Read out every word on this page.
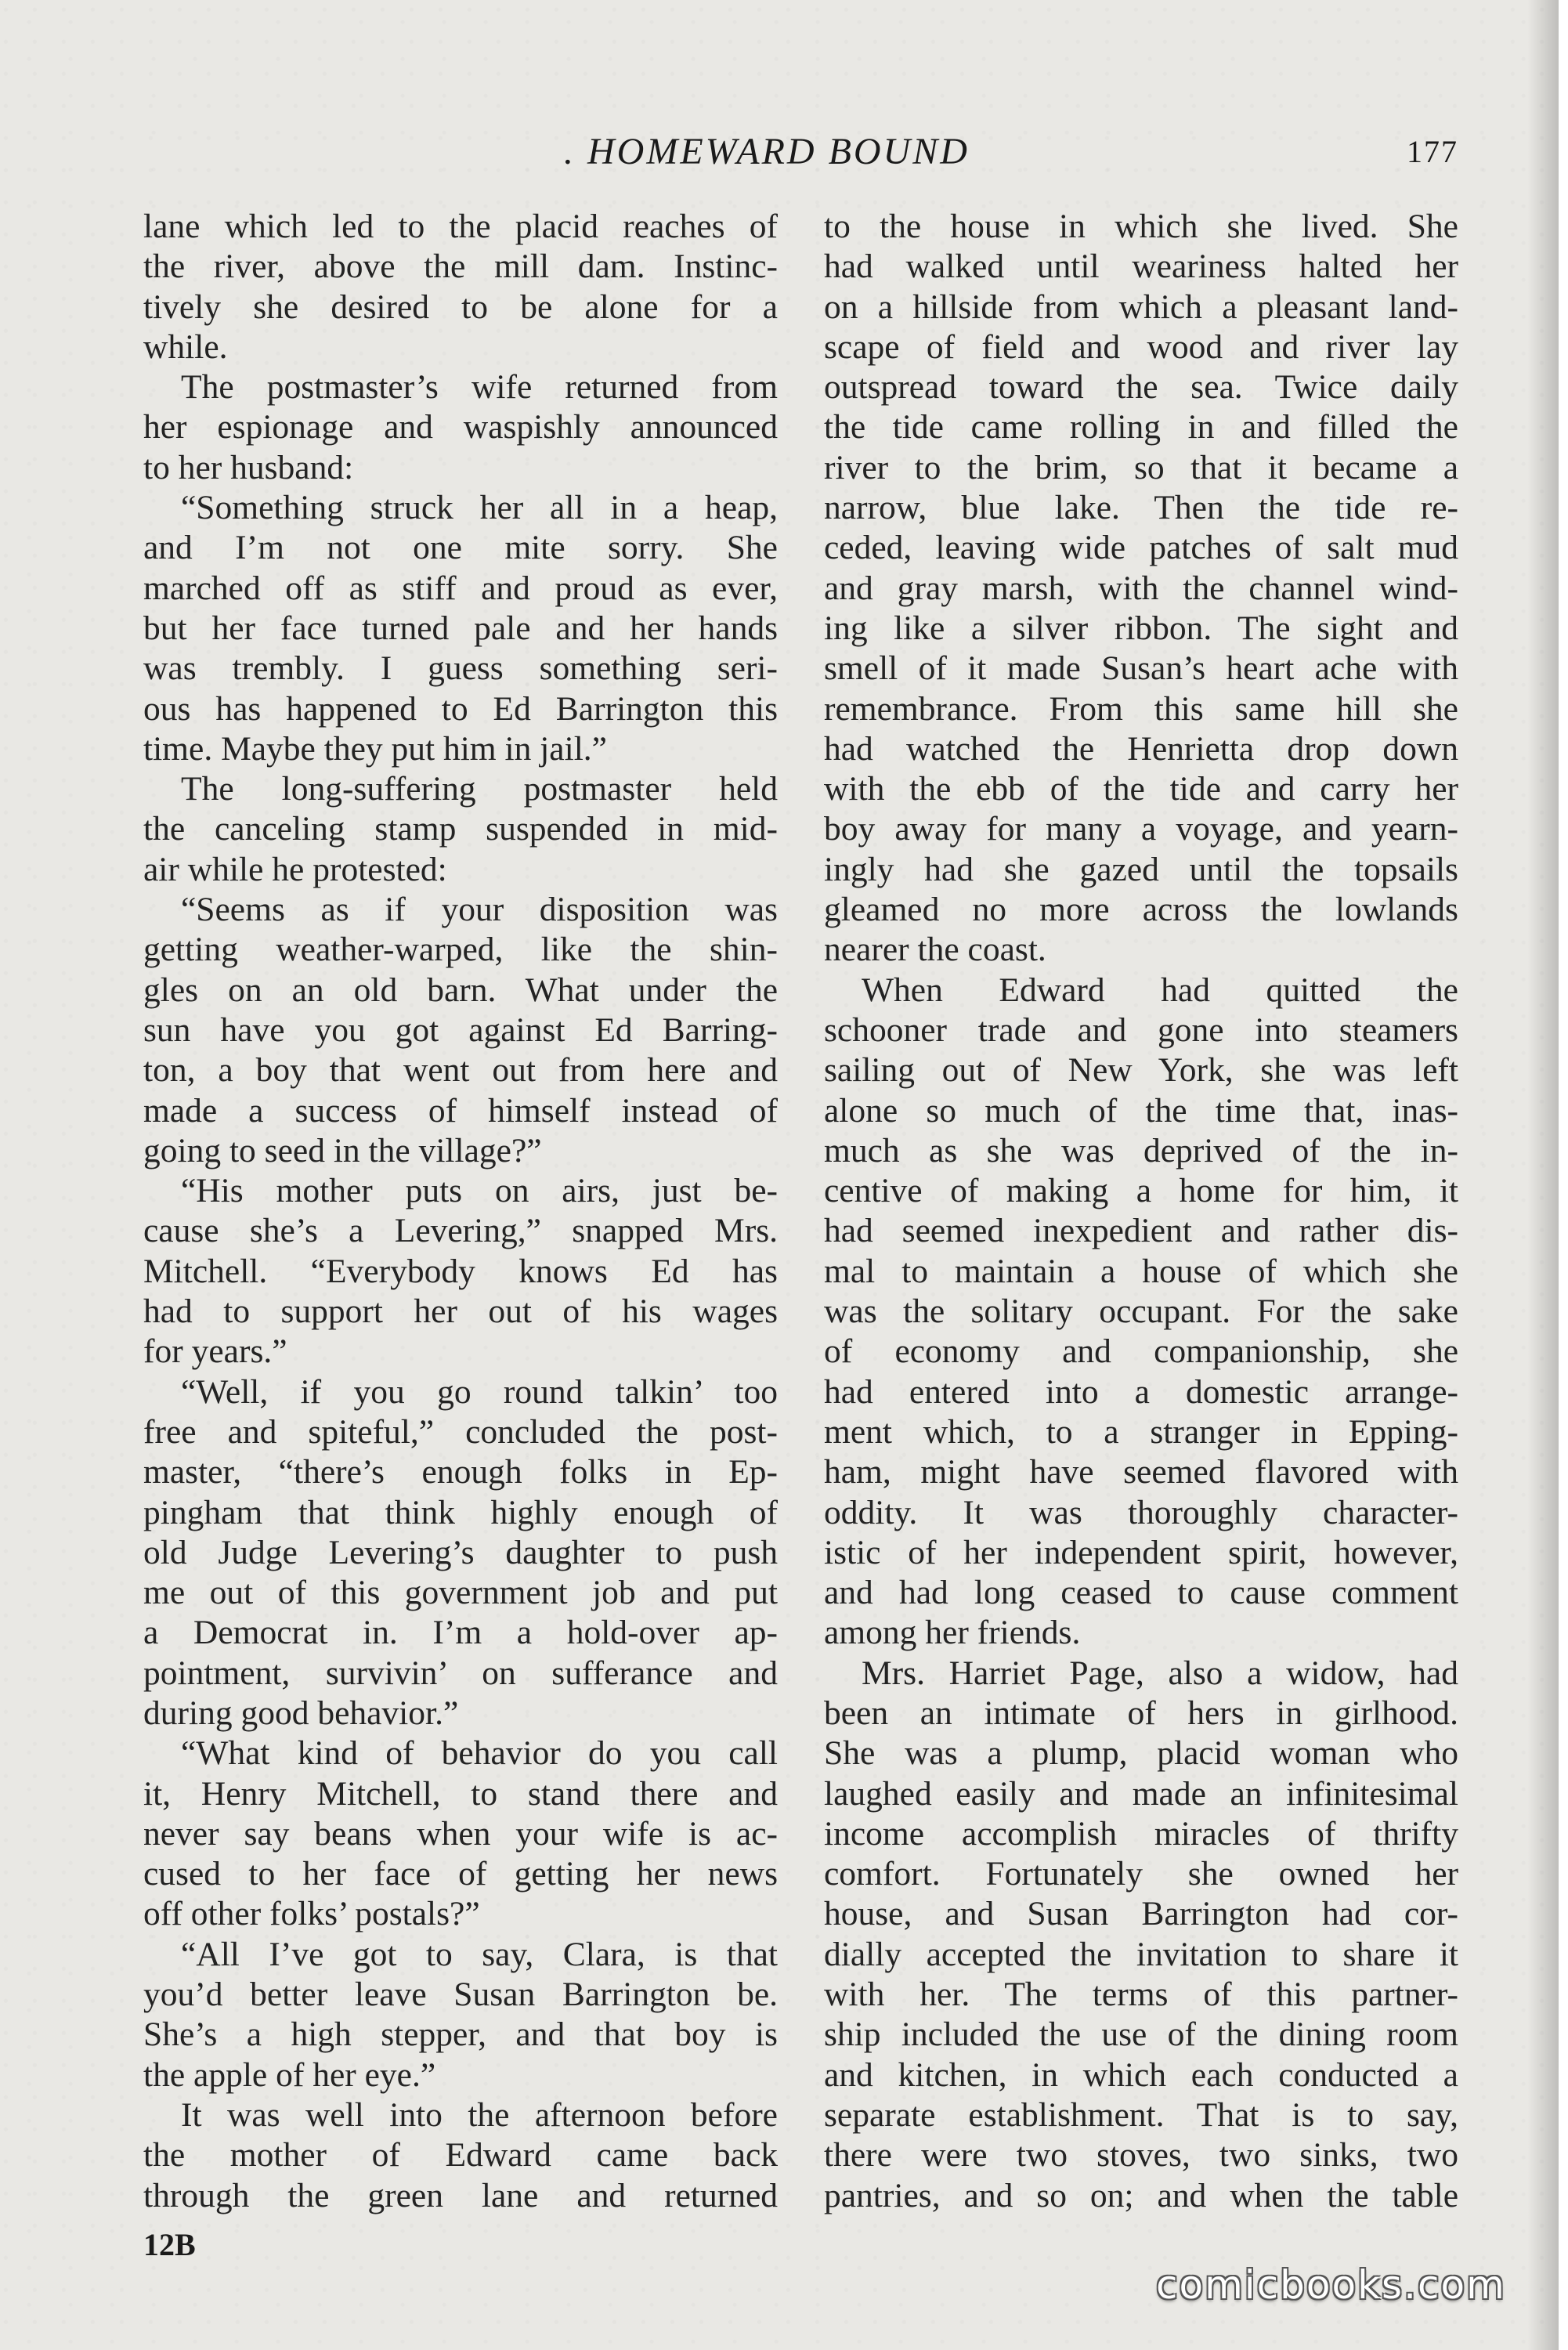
. HOMEWARD BOUND	177
lane which led to the placid reaches of
the river, above the mill dam. Instinc-
tively she desired to be alone for a
while.
The postmaster’s wife returned from
her espionage and waspishly announced
to her husband:
“Something struck her all in a heap,
and I’m not one mite sorry. She
marched off as stiff and proud as ever,
but her face turned pale and her hands
was trembly. I guess something seri-
ous has happened to Ed Barrington this
time. Maybe they put him in jail.”
The long-suffering postmaster held
the canceling stamp suspended in mid-
air while he protested:
“Seems as if your disposition was
getting weather-warped, like the shin-
gles on an old barn. What under the
sun have you got against Ed Barring-
ton, a boy that went out from here and
made a success of himself instead of
going to seed in the village?”
“His mother puts on airs, just be-
cause she’s a Levering,” snapped Mrs.
Mitchell. “Everybody knows Ed has
had to support her out of his wages
for years.”
“Well, if you go round talkin’ too
free and spiteful,” concluded the post-
master, “there’s enough folks in Ep-
pingham that think highly enough of
old Judge Levering’s daughter to push
me out of this government job and put
a Democrat in. I’m a hold-over ap-
pointment, survivin’ on sufferance and
during good behavior.”
“What kind of behavior do you call
it, Henry Mitchell, to stand there and
never say beans when your wife is ac-
cused to her face of getting her news
off other folks’ postals?”
“All I’ve got to say, Clara, is that
you’d better leave Susan Barrington be.
She’s a high stepper, and that boy is
the apple of her eye.”
It was well into the afternoon before
the mother of Edward came back
through the green lane and returned
to the house in which she lived. She
had walked until weariness halted her
on a hillside from which a pleasant land-
scape of field and wood and river lay
outspread toward the sea. Twice daily
the tide came rolling in and filled the
river to the brim, so that it became a
narrow, blue lake. Then the tide re-
ceded, leaving wide patches of salt mud
and gray marsh, with the channel wind-
ing like a silver ribbon. The sight and
smell of it made Susan’s heart ache with
remembrance. From this same hill she
had watched the Henrietta drop down
with the ebb of the tide and carry her
boy away for many a voyage, and yearn-
ingly had she gazed until the topsails
gleamed no more across the lowlands
nearer the coast.
When Edward had quitted the
schooner trade and gone into steamers
sailing out of New York, she was left
alone so much of the time that, inas-
much as she was deprived of the in-
centive of making a home for him, it
had seemed inexpedient and rather dis-
mal to maintain a house of which she
was the solitary occupant. For the sake
of economy and companionship, she
had entered into a domestic arrange-
ment which, to a stranger in Epping-
ham, might have seemed flavored with
oddity. It was thoroughly character-
istic of her independent spirit, however,
and had long ceased to cause comment
among her friends.
Mrs. Harriet Page, also a widow, had
been an intimate of hers in girlhood.
She was a plump, placid woman who
laughed easily and made an infinitesimal
income accomplish miracles of thrifty
comfort. Fortunately she owned her
house, and Susan Barrington had cor-
dially accepted the invitation to share it
with her. The terms of this partner-
ship included the use of the dining room
and kitchen, in which each conducted a
separate establishment. That is to say,
there were two stoves, two sinks, two
pantries, and so on; and when the table
12B
comicbooks.com
